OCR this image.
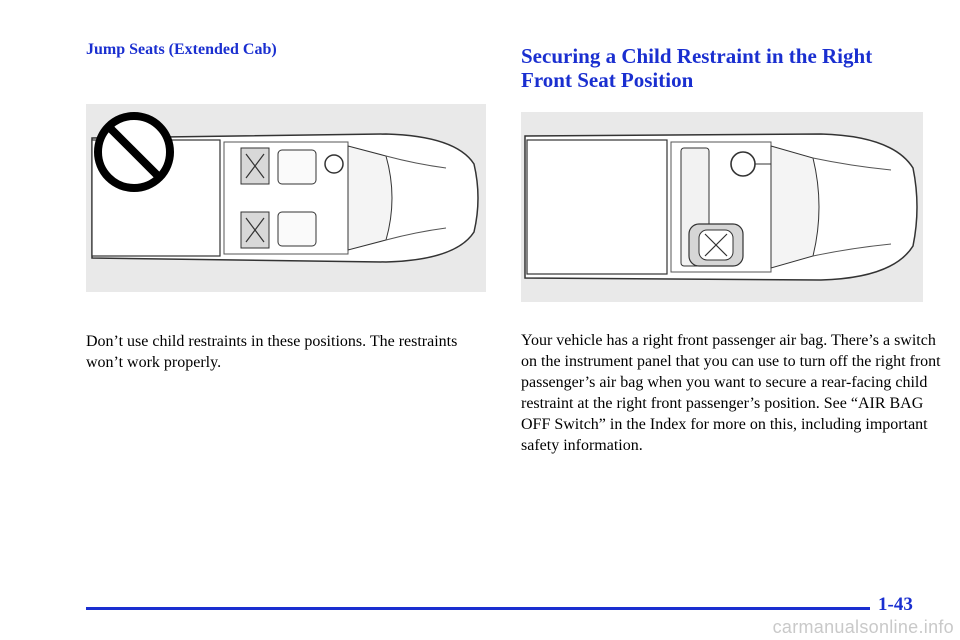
Jump Seats (Extended Cab)	Securing a Child Restraint in the Right Front Seat Position
Don’t use child restraints in these positions. The restraints won’t work properly.
Your vehicle has a right front passenger air bag. There’s a switch on the instrument panel that you can use to turn off the right front passenger’s air bag when you want to secure a rear-facing child restraint at the right front passenger’s position. See “AIR BAG OFF Switch” in the Index for more on this, including important safety information.
1-43
carmanualsonline.info
